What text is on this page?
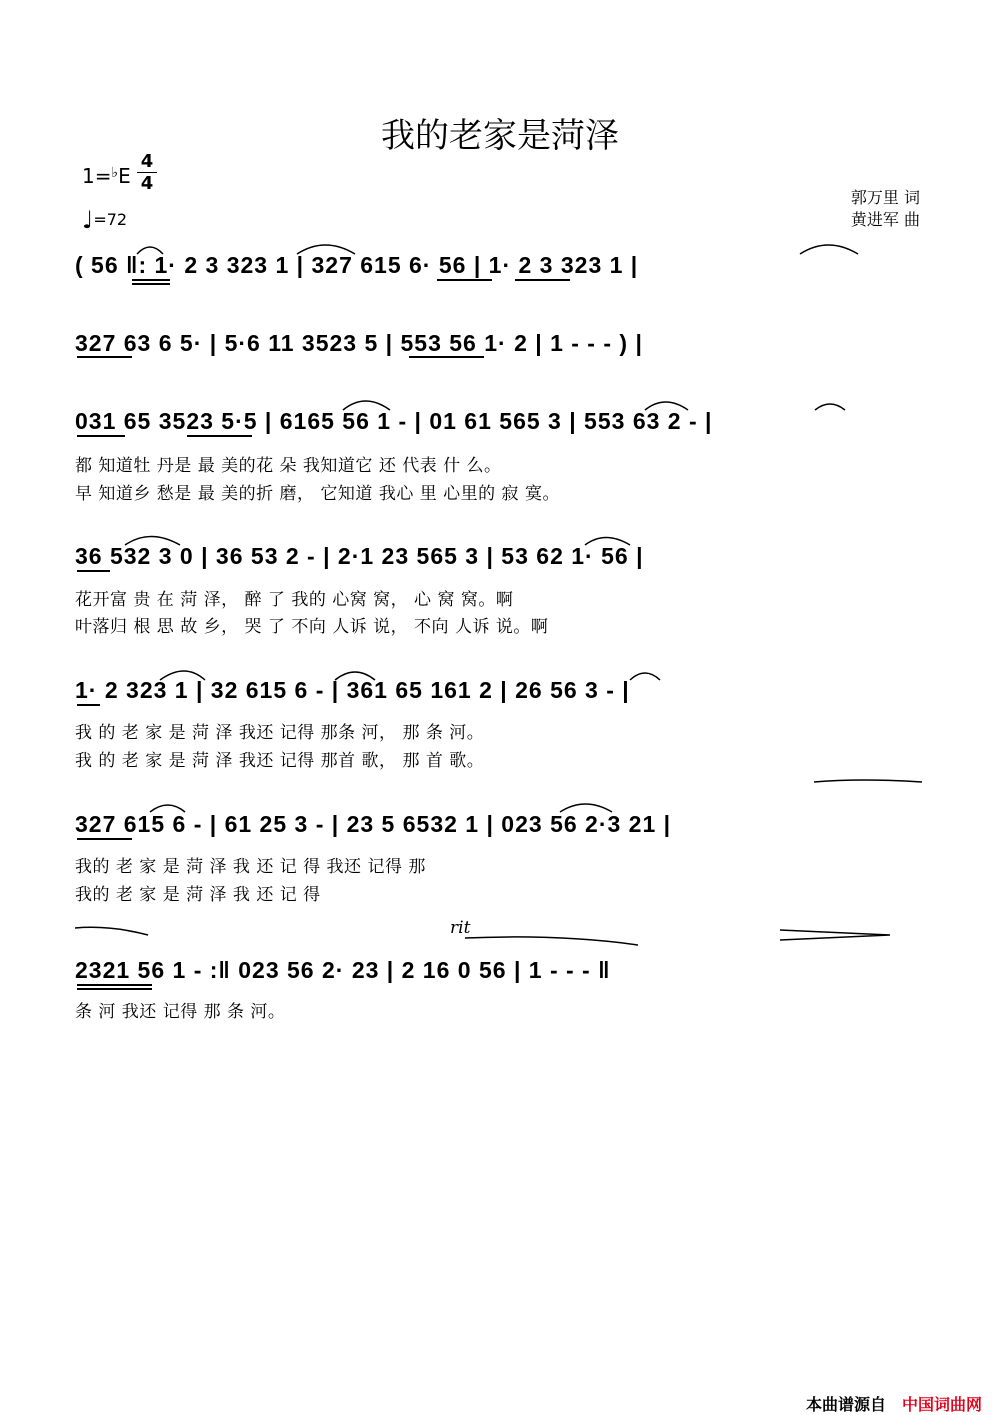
我的老家是菏泽
1=♭E
4
4
♩=72
郭万里 词
黄进军 曲
( 56 ‖: 1· 2 3 323 1 | 327 615 6· 56 | 1· 2 3 323 1 |
327 63 6 5· | 5·6 11 3523 5 | 553 56 1· 2 | 1 - - - ) |
031 65 3523 5·5 | 6165 56 1 - | 01 61 565 3 | 553 63 2 - |
都 知道牡 丹是 最 美的花 朵 我知道它 还 代表 什 么。
早 知道乡 愁是 最 美的折 磨， 它知道 我心 里 心里的 寂 寞。
36 532 3 0 | 36 53 2 - | 2·1 23 565 3 | 53 62 1· 56 |
花开富 贵 在 菏 泽， 醉 了 我的 心窝 窝， 心 窝 窝。啊
叶落归 根 思 故 乡， 哭 了 不向 人诉 说， 不向 人诉 说。啊
1· 2 323 1 | 32 615 6 - | 361 65 161 2 | 26 56 3 - |
我 的 老 家 是 菏 泽 我还 记得 那条 河， 那 条 河。
我 的 老 家 是 菏 泽 我还 记得 那首 歌， 那 首 歌。
327 615 6 - | 61 25 3 - | 23 5 6532 1 | 023 56 2·3 21 |
我的 老 家 是 菏 泽 我 还 记 得 我还 记得 那
我的 老 家 是 菏 泽 我 还 记 得
rit
2321 56 1 - :‖ 023 56 2· 23 | 2 16 0 56 | 1 - - - ‖
条 河 我还 记得 那 条 河。
本曲谱源自 中国词曲网
